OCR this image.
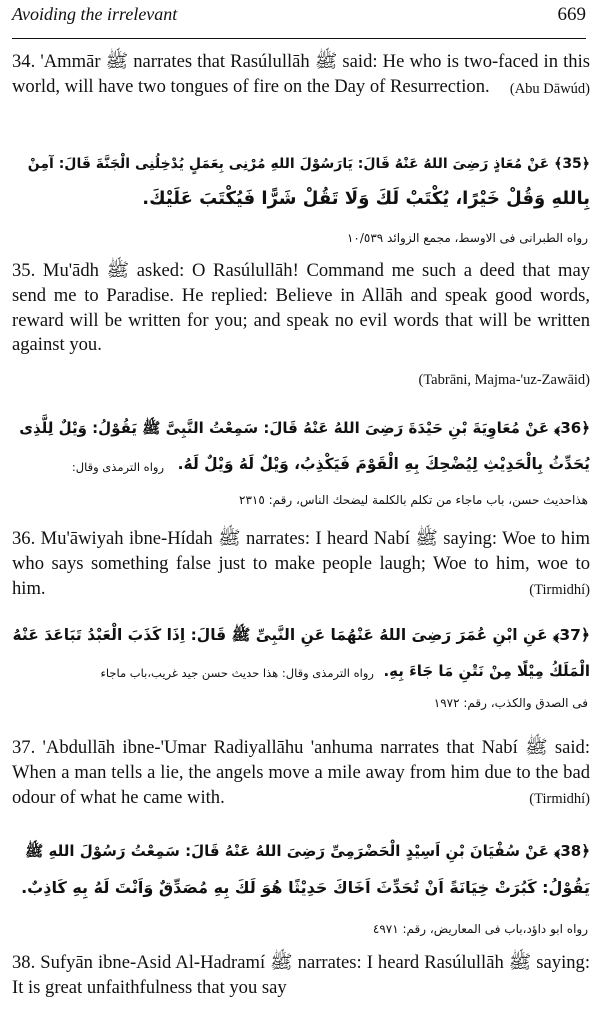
Avoiding the irrelevant	669

34. 'Ammār ﷺ narrates that Rasúlullāh ﷺ said: He who is two-faced in this world, will have two tongues of fire on the Day of Resurrection. (Abu Dāwúd)

﴿35﴾ عَنْ مُعَاذٍ رَضِىَ اللهُ عَنْهُ قَالَ: يَارَسُوْلَ اللهِ مُرْنِى بِعَمَلٍ يُدْخِلُنِى الْجَنَّةَ قَالَ: آمِنْ
بِاللهِ وَقُلْ خَيْرًا، يُكْتَبْ لَكَ وَلَا تَقُلْ شَرًّا فَيُكْتَبَ عَلَيْكَ.
رواه الطبرانى فى الاوسط، مجمع الزوائد ١٠/٥٣٩

35. Mu'ādh ﷺ asked: O Rasúlullāh! Command me such a deed that may send me to Paradise. He replied: Believe in Allāh and speak good words, reward will be written for you; and speak no evil words that will be written against you.

(Tabrāni, Majma-'uz-Zawāid)
﴿36﴾ عَنْ مُعَاوِيَةَ بْنِ حَيْدَةَ رَضِىَ اللهُ عَنْهُ قَالَ: سَمِعْتُ النَّبِىَّ ﷺ يَقُوْلُ: وَيْلٌ لِلَّذِى
يُحَدِّثُ بِالْحَدِيْثِ لِيُضْحِكَ بِهِ الْقَوْمَ فَيَكْذِبُ، وَيْلٌ لَهُ وَيْلٌ لَهُ.
رواه الترمذى وقال:
هذاحديث حسن، باب ماجاء من تكلم بالكلمة ليضحك الناس، رقم: ٢٣١٥

36. Mu'āwiyah ibne-Hídah ﷺ narrates: I heard Nabí ﷺ saying: Woe to him who says something false just to make people laugh; Woe to him, woe to him.	(Tirmidhí)
﴿37﴾ عَنِ ابْنِ عُمَرَ رَضِىَ اللهُ عَنْهُمَا عَنِ النَّبِىِّ ﷺ قَالَ: اِذَا كَذَبَ الْعَبْدُ تَبَاعَدَ عَنْهُ
الْمَلَكُ مِيْلًا مِنْ نَتْنِ مَا جَاءَ بِهِ.
رواه الترمذى وقال: هذا حديث حسن جيد غريب،باب ماجاء
فى الصدق والكذب، رقم: ١٩٧٢

37. 'Abdullāh ibne-'Umar Radiyallāhu 'anhuma narrates that Nabí ﷺ said: When a man tells a lie, the angels move a mile away from him due to the bad odour of what he came with.	(Tirmidhí)
﴿38﴾ عَنْ سُفْيَانَ بْنِ اَسِيْدٍ الْحَضْرَمِىِّ رَضِىَ اللهُ عَنْهُ قَالَ: سَمِعْتُ رَسُوْلَ اللهِ ﷺ
يَقُوْلُ: كَبُرَتْ خِيَانَةً اَنْ تُحَدِّثَ اَخَاكَ حَدِيْثًا هُوَ لَكَ بِهِ مُصَدِّقٌ وَاَنْتَ لَهُ بِهِ كَاذِبٌ.
رواه ابو داؤد،باب فى المعاريض، رقم: ٤٩٧١

38. Sufyān ibne-Asid Al-Hadramí ﷺ narrates: I heard Rasúlullāh ﷺ saying: It is great unfaithfulness that you say
